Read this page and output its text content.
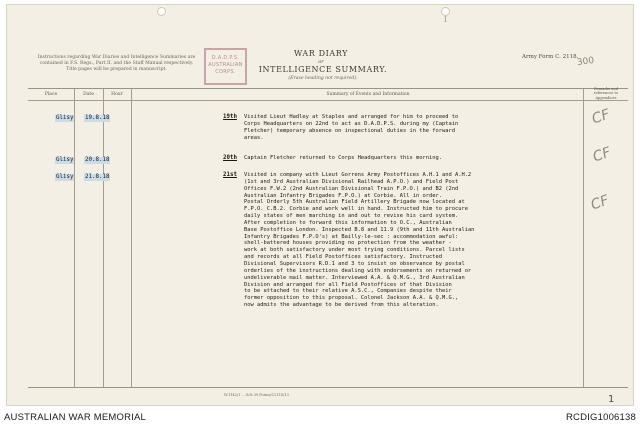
I
Instructions regarding War Diaries and Intelligence Summaries are contained in F.S. Regs., Part II. and the Staff Manual respectively. Title pages will be prepared in manuscript.
D.A.D.P.S.
AUSTRALIAN
CORPS.
WAR DIARY
or
INTELLIGENCE SUMMARY.
(Erase heading not required).
Army Form C. 2118.
300
Place	Date	Hour	Summary of Events and Information
Remarks and references to Appendices
Glisy 19.8.18	19th Visited Lieut Hadley at Staples and arranged for him to proceed to
Corps Headquarters on 22nd to act as D.A.D.P.S. during my (Captain
Fletcher) temporary absence on inspectional duties in the forward
areas.
CF
Glisy 20.8.18	20th Captain Fletcher returned to Corps Headquarters this morning.	CF
Glisy 21.8.18	21st Visited in company with Lieut Gorrens Army Postoffices A.H.1 and A.H.2
(1st and 3rd Australian Divisional Railhead A.P.O.) and Field Post
Offices F.W.2 (2nd Australian Divisional Train F.P.O.) and B2 (2nd
Australian Infantry Brigades F.P.O.) at Corbie. All in order.
Postal Orderly 5th Australian Field Artillery Brigade now located at
F.P.O. C.B.2. Corbie and work well in hand. Instructed him to procure
daily states of men marching in and out to revise his card system.
After completion to forward this information to O.C., Australian
Base Postoffice London. Inspected B.8 and 11.9 (9th and 11th Australian
Infantry Brigades F.P.O's) at Bailly-le-sec : accommodation awful:
shell-battered houses providing no protection from the weather -
work at both satisfactory under most trying conditions. Parcel lists
and records at all Field Postoffices satisfactory. Instructed
Divisional Supervisors R.D.1 and 3 to insist on observance by postal
orderlies of the instructions dealing with endorsements on returned or
undeliverable mail matter. Interviewed A.A. & Q.M.G., 3rd Australian
Division and arranged for all Field Postoffices of that Division
to be attached to their relative A.S.C., Companies despite their
former opposition to this proposal. Colonel Jackson A.A. & Q.M.G.,
now admits the advantage to be derived from this alteration.
CF
W.1142/1 ... Sch 39 Forms/C2118/13	1
AUSTRALIAN WAR MEMORIAL	RCDIG1006138
